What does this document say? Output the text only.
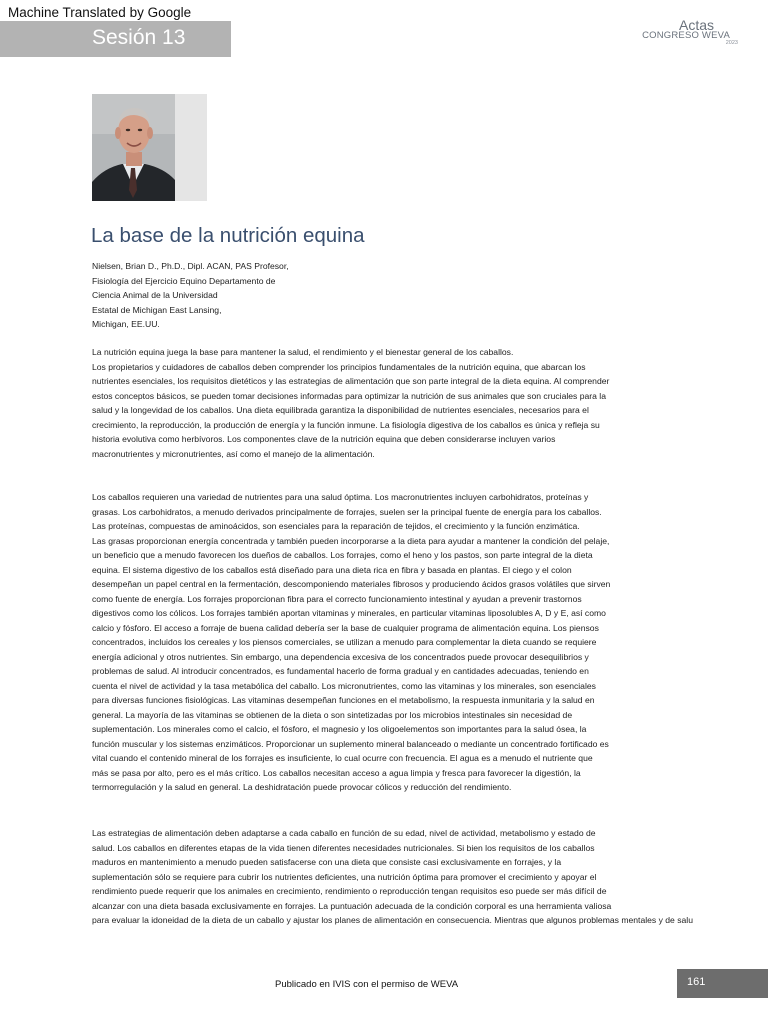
Machine Translated by Google
Sesión 13
Actas
CONGRESO WEVA
2023
La base de la nutrición equina
Nielsen, Brian D., Ph.D., Dipl. ACAN, PAS Profesor,
Fisiología del Ejercicio Equino Departamento de
Ciencia Animal de la Universidad
Estatal de Michigan East Lansing,
Michigan, EE.UU.
La nutrición equina juega la base para mantener la salud, el rendimiento y el bienestar general de los caballos.
Los propietarios y cuidadores de caballos deben comprender los principios fundamentales de la nutrición equina, que abarcan los
nutrientes esenciales, los requisitos dietéticos y las estrategias de alimentación que son parte integral de la dieta equina. Al comprender
estos conceptos básicos, se pueden tomar decisiones informadas para optimizar la nutrición de sus animales que son cruciales para la
salud y la longevidad de los caballos. Una dieta equilibrada garantiza la disponibilidad de nutrientes esenciales, necesarios para el
crecimiento, la reproducción, la producción de energía y la función inmune. La fisiología digestiva de los caballos es única y refleja su
historia evolutiva como herbívoros. Los componentes clave de la nutrición equina que deben considerarse incluyen varios
macronutrientes y micronutrientes, así como el manejo de la alimentación.
Los caballos requieren una variedad de nutrientes para una salud óptima. Los macronutrientes incluyen carbohidratos, proteínas y
grasas. Los carbohidratos, a menudo derivados principalmente de forrajes, suelen ser la principal fuente de energía para los caballos.
Las proteínas, compuestas de aminoácidos, son esenciales para la reparación de tejidos, el crecimiento y la función enzimática.
Las grasas proporcionan energía concentrada y también pueden incorporarse a la dieta para ayudar a mantener la condición del pelaje,
un beneficio que a menudo favorecen los dueños de caballos. Los forrajes, como el heno y los pastos, son parte integral de la dieta
equina. El sistema digestivo de los caballos está diseñado para una dieta rica en fibra y basada en plantas. El ciego y el colon
desempeñan un papel central en la fermentación, descomponiendo materiales fibrosos y produciendo ácidos grasos volátiles que sirven
como fuente de energía. Los forrajes proporcionan fibra para el correcto funcionamiento intestinal y ayudan a prevenir trastornos
digestivos como los cólicos. Los forrajes también aportan vitaminas y minerales, en particular vitaminas liposolubles A, D y E, así como
calcio y fósforo. El acceso a forraje de buena calidad debería ser la base de cualquier programa de alimentación equina. Los piensos
concentrados, incluidos los cereales y los piensos comerciales, se utilizan a menudo para complementar la dieta cuando se requiere
energía adicional y otros nutrientes. Sin embargo, una dependencia excesiva de los concentrados puede provocar desequilibrios y
problemas de salud. Al introducir concentrados, es fundamental hacerlo de forma gradual y en cantidades adecuadas, teniendo en
cuenta el nivel de actividad y la tasa metabólica del caballo. Los micronutrientes, como las vitaminas y los minerales, son esenciales
para diversas funciones fisiológicas. Las vitaminas desempeñan funciones en el metabolismo, la respuesta inmunitaria y la salud en
general. La mayoría de las vitaminas se obtienen de la dieta o son sintetizadas por los microbios intestinales sin necesidad de
suplementación. Los minerales como el calcio, el fósforo, el magnesio y los oligoelementos son importantes para la salud ósea, la
función muscular y los sistemas enzimáticos. Proporcionar un suplemento mineral balanceado o mediante un concentrado fortificado es
vital cuando el contenido mineral de los forrajes es insuficiente, lo cual ocurre con frecuencia. El agua es a menudo el nutriente que
más se pasa por alto, pero es el más crítico. Los caballos necesitan acceso a agua limpia y fresca para favorecer la digestión, la
termorregulación y la salud en general. La deshidratación puede provocar cólicos y reducción del rendimiento.
Las estrategias de alimentación deben adaptarse a cada caballo en función de su edad, nivel de actividad, metabolismo y estado de
salud. Los caballos en diferentes etapas de la vida tienen diferentes necesidades nutricionales. Si bien los requisitos de los caballos
maduros en mantenimiento a menudo pueden satisfacerse con una dieta que consiste casi exclusivamente en forrajes, y la
suplementación sólo se requiere para cubrir los nutrientes deficientes, una nutrición óptima para promover el crecimiento y apoyar el
rendimiento puede requerir que los animales en crecimiento, rendimiento o reproducción tengan requisitos eso puede ser más difícil de
alcanzar con una dieta basada exclusivamente en forrajes. La puntuación adecuada de la condición corporal es una herramienta valiosa
para evaluar la idoneidad de la dieta de un caballo y ajustar los planes de alimentación en consecuencia. Mientras que algunos problemas mentales y de salu
Publicado en IVIS con el permiso de WEVA	161
